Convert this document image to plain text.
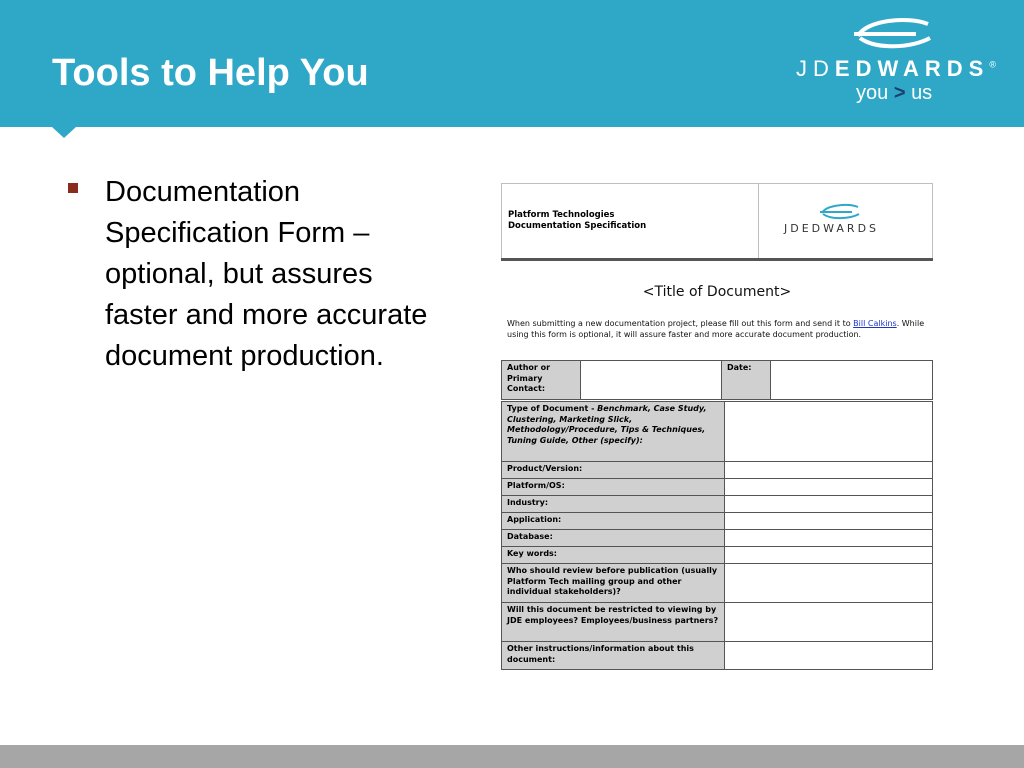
Tools to Help You	JDEDWARDS®
you > us
Documentation Specification Form – optional, but assures faster and more accurate document production.
Platform Technologies
Documentation Specification	JDEDWARDS
<Title of Document>
When submitting a new documentation project, please fill out this form and send it to Bill Calkins. While using this form is optional, it will assure faster and more accurate document production.
Author or Primary Contact:		Date:	
Type of Document - Benchmark, Case Study, Clustering, Marketing Slick, Methodology/Procedure, Tips & Techniques, Tuning Guide, Other (specify):	
Product/Version:	
Platform/OS:	
Industry:	
Application:	
Database:	
Key words:	
Who should review before publication (usually Platform Tech mailing group and other individual stakeholders)?	
Will this document be restricted to viewing by JDE employees? Employees/business partners?	
Other instructions/information about this document:	
